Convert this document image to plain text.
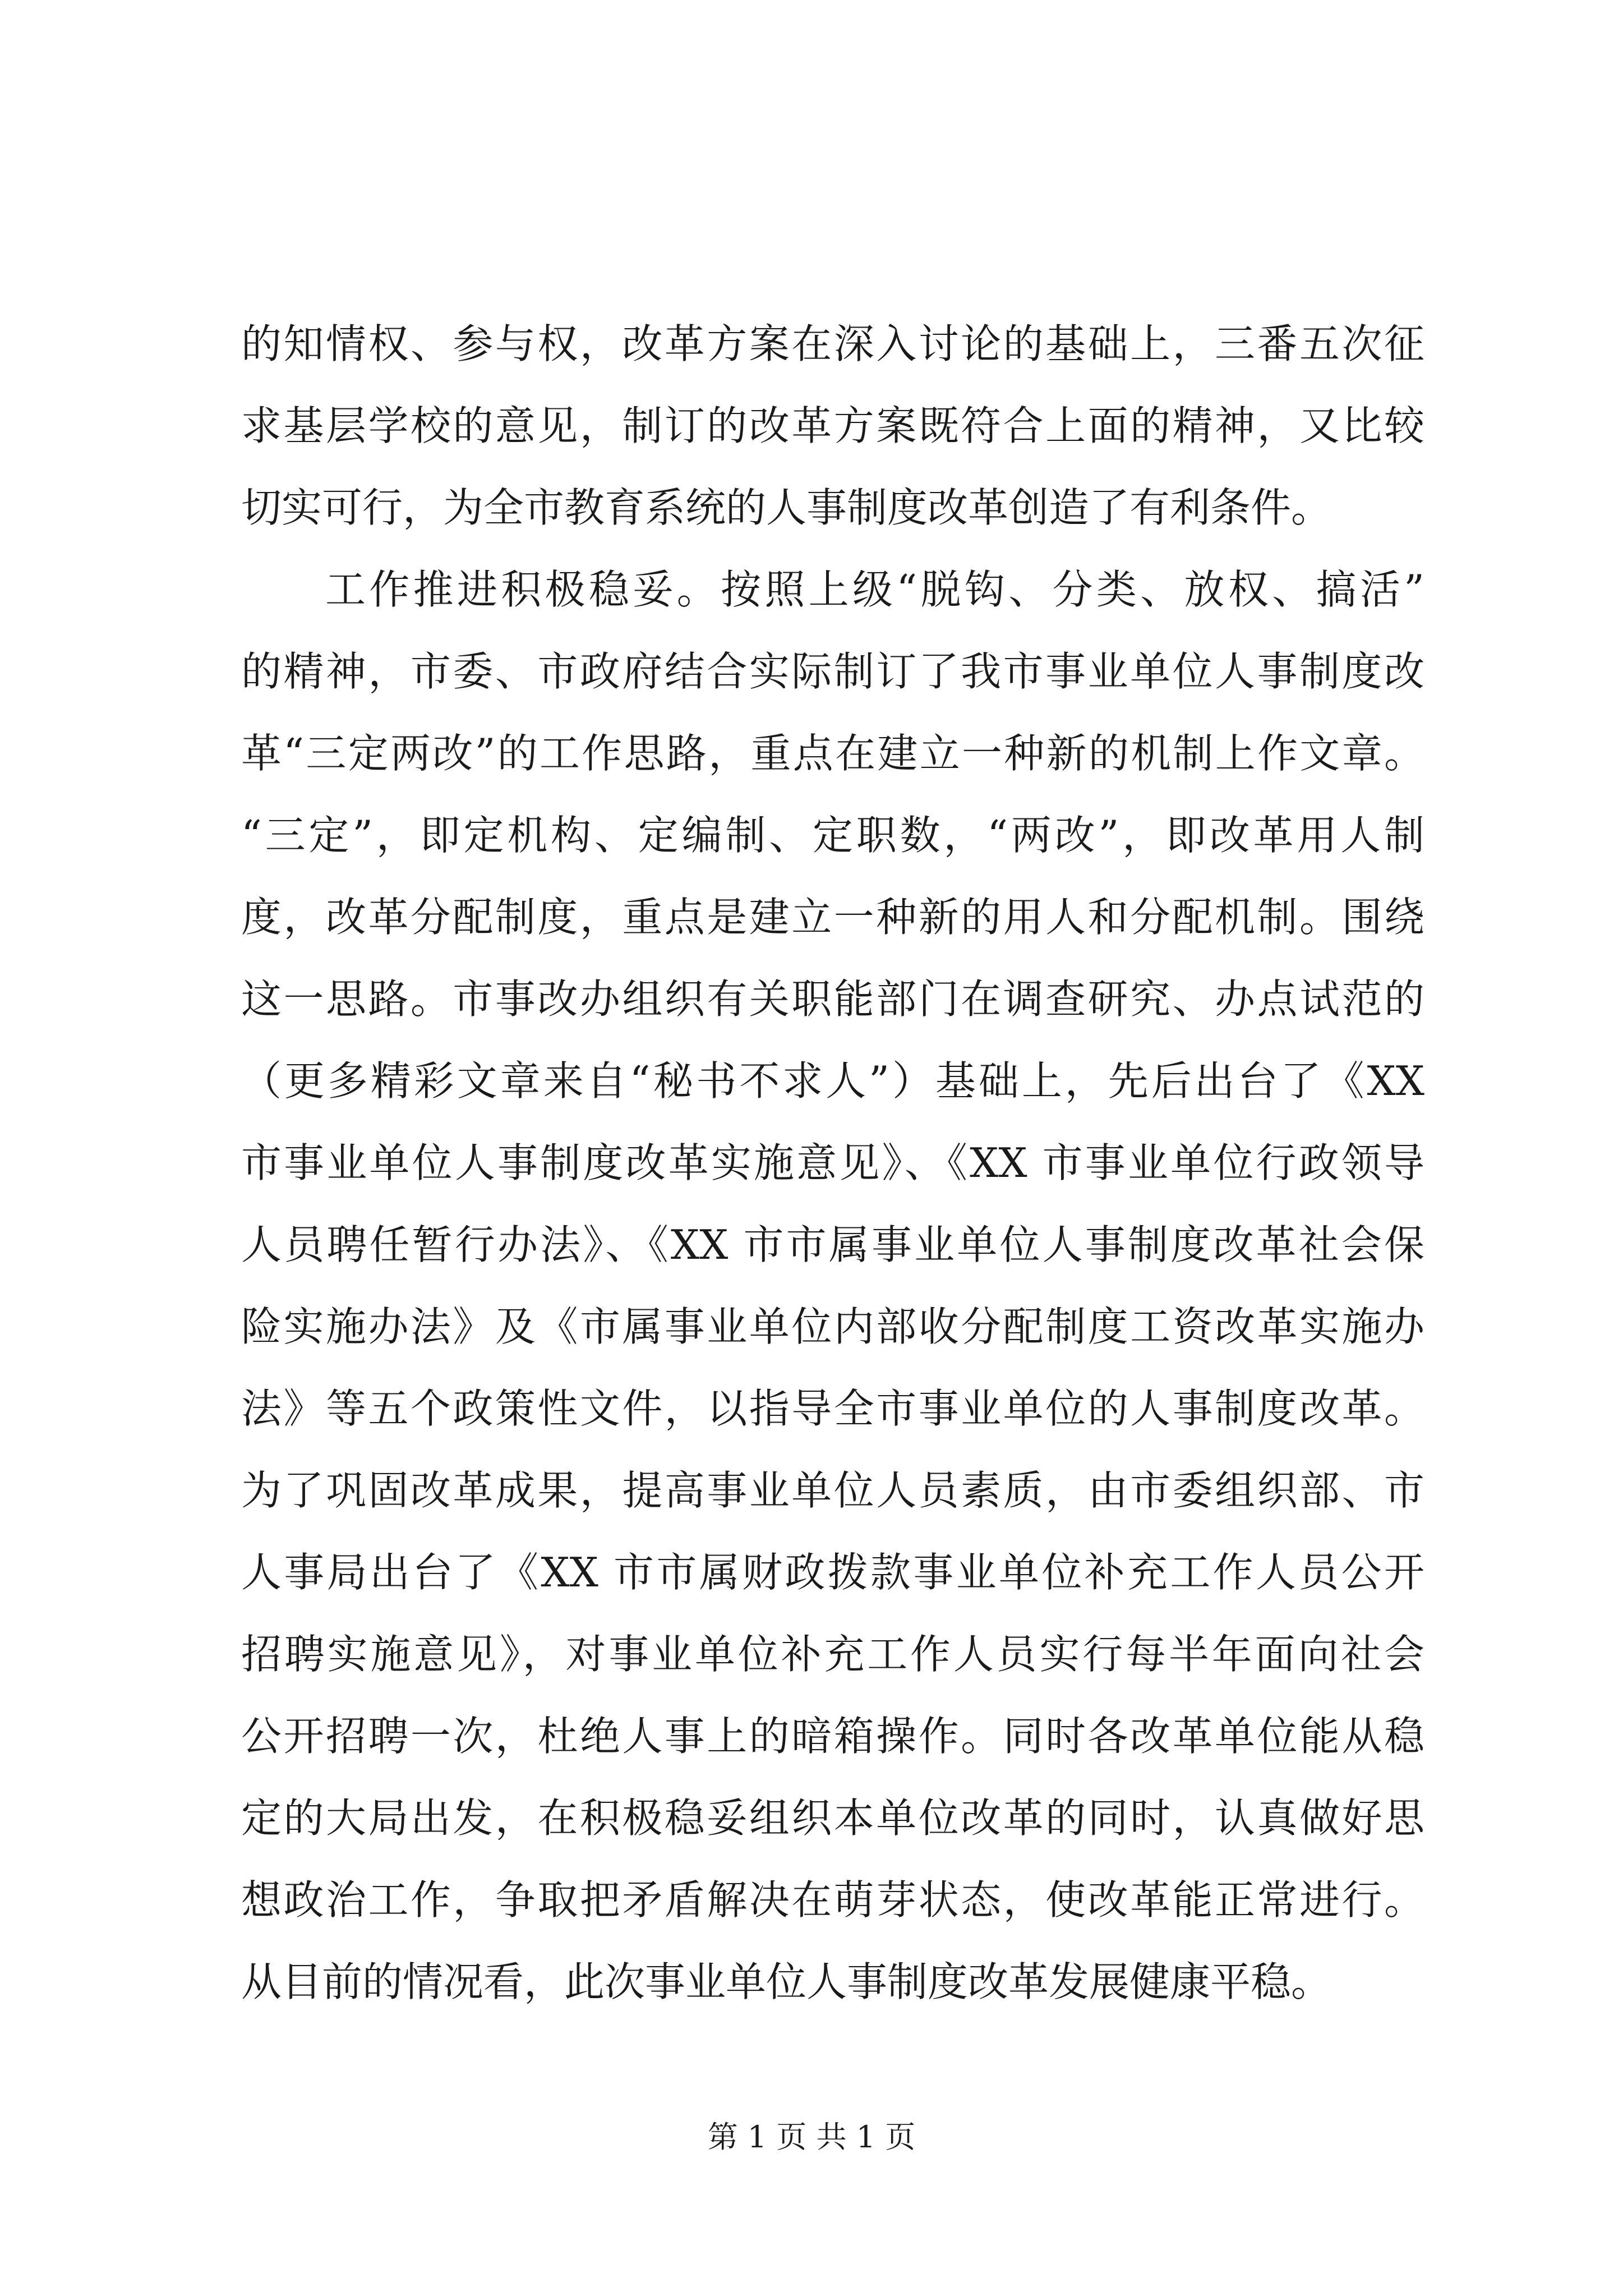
的知情权、参与权，改革方案在深入讨论的基础上，三番五次征
求基层学校的意见，制订的改革方案既符合上面的精神，又比较
切实可行，为全市教育系统的人事制度改革创造了有利条件。
工作推进积极稳妥。按照上级“脱钩、分类、放权、搞活”
的精神，市委、市政府结合实际制订了我市事业单位人事制度改
革“三定两改”的工作思路，重点在建立一种新的机制上作文章。
“三定”，即定机构、定编制、定职数，“两改”，即改革用人制
度，改革分配制度，重点是建立一种新的用人和分配机制。围绕
这一思路。市事改办组织有关职能部门在调查研究、办点试范的
（更多精彩文章来自“秘书不求人”）基础上，先后出台了《XX
市事业单位人事制度改革实施意见》、《XX 市事业单位行政领导
人员聘任暂行办法》、《XX 市市属事业单位人事制度改革社会保
险实施办法》及《市属事业单位内部收分配制度工资改革实施办
法》等五个政策性文件，以指导全市事业单位的人事制度改革。
为了巩固改革成果，提高事业单位人员素质，由市委组织部、市
人事局出台了《XX 市市属财政拨款事业单位补充工作人员公开
招聘实施意见》，对事业单位补充工作人员实行每半年面向社会
公开招聘一次，杜绝人事上的暗箱操作。同时各改革单位能从稳
定的大局出发，在积极稳妥组织本单位改革的同时，认真做好思
想政治工作，争取把矛盾解决在萌芽状态，使改革能正常进行。
从目前的情况看，此次事业单位人事制度改革发展健康平稳。
第 1 页 共 1 页
